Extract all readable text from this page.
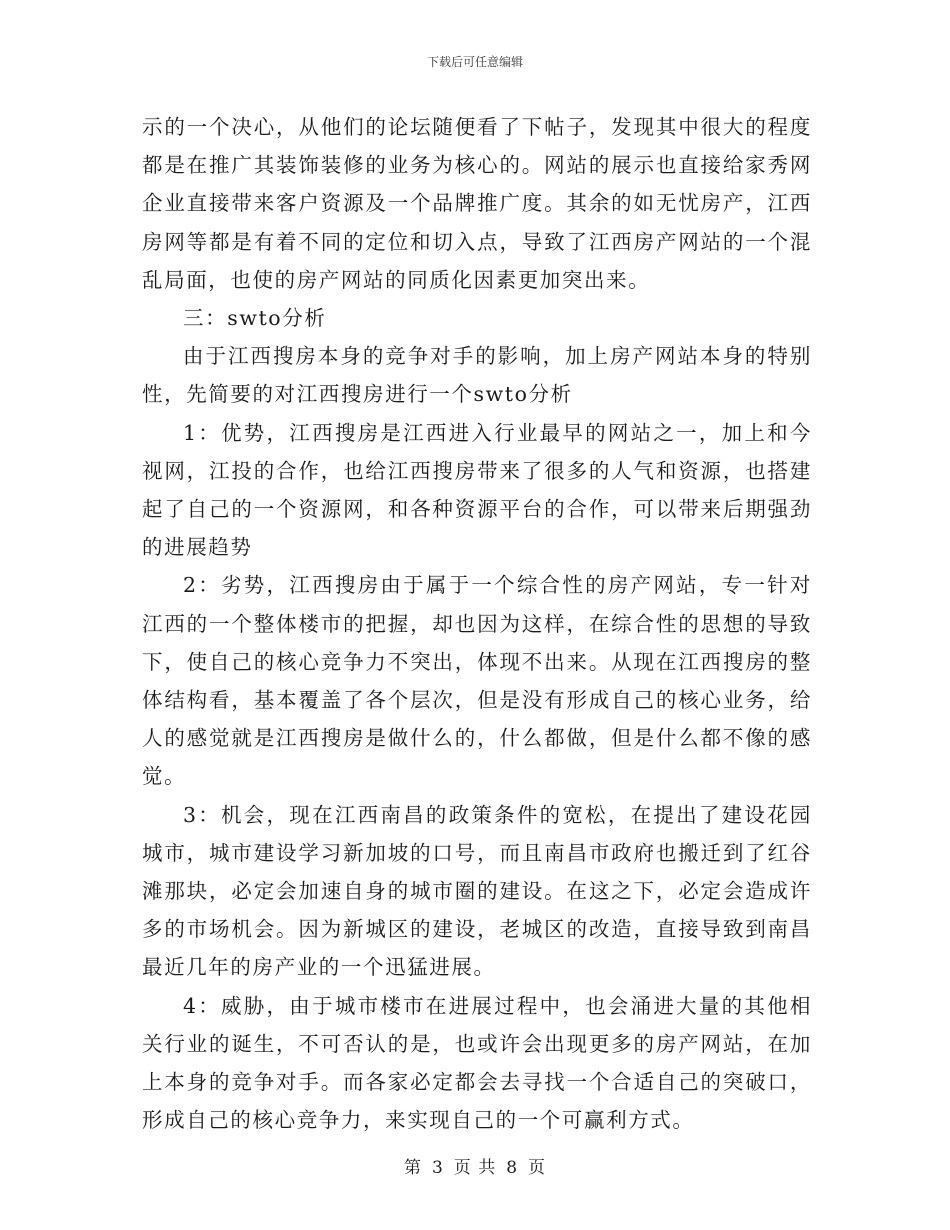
下载后可任意编辑

示的一个决心，从他们的论坛随便看了下帖子，发现其中很大的程度都是在推广其装饰装修的业务为核心的。网站的展示也直接给家秀网企业直接带来客户资源及一个品牌推广度。其余的如无忧房产，江西房网等都是有着不同的定位和切入点，导致了江西房产网站的一个混乱局面，也使的房产网站的同质化因素更加突出来。

三：swto分析

由于江西搜房本身的竞争对手的影响，加上房产网站本身的特别性，先简要的对江西搜房进行一个swto分析

1：优势，江西搜房是江西进入行业最早的网站之一，加上和今视网，江投的合作，也给江西搜房带来了很多的人气和资源，也搭建起了自己的一个资源网，和各种资源平台的合作，可以带来后期强劲的进展趋势

2：劣势，江西搜房由于属于一个综合性的房产网站，专一针对江西的一个整体楼市的把握，却也因为这样，在综合性的思想的导致下，使自己的核心竞争力不突出，体现不出来。从现在江西搜房的整体结构看，基本覆盖了各个层次，但是没有形成自己的核心业务，给人的感觉就是江西搜房是做什么的，什么都做，但是什么都不像的感觉。

3：机会，现在江西南昌的政策条件的宽松，在提出了建设花园城市，城市建设学习新加坡的口号，而且南昌市政府也搬迁到了红谷滩那块，必定会加速自身的城市圈的建设。在这之下，必定会造成许多的市场机会。因为新城区的建设，老城区的改造，直接导致到南昌最近几年的房产业的一个迅猛进展。

4：威胁，由于城市楼市在进展过程中，也会涌进大量的其他相关行业的诞生，不可否认的是，也或许会出现更多的房产网站，在加上本身的竞争对手。而各家必定都会去寻找一个合适自己的突破口，形成自己的核心竞争力，来实现自己的一个可赢利方式。

第 3 页 共 8 页
